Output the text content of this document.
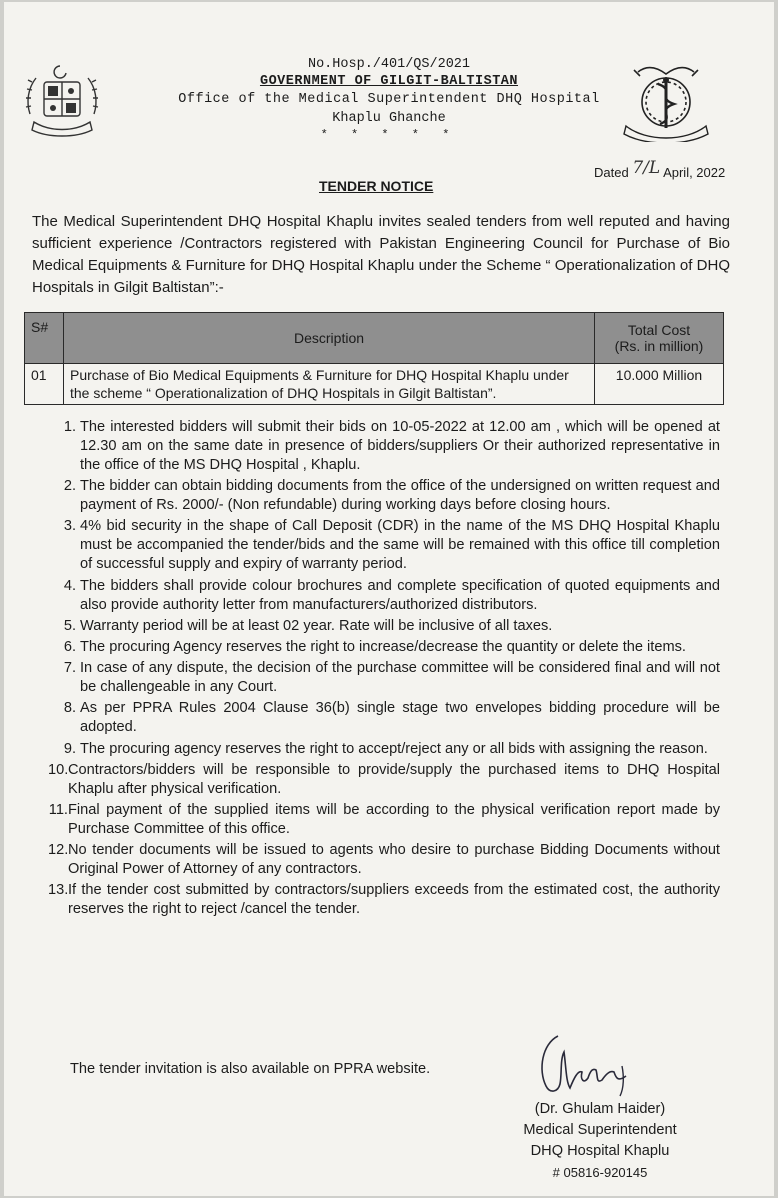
No.Hosp./401/QS/2021
GOVERNMENT OF GILGIT-BALTISTAN
Office of the Medical Superintendent DHQ Hospital
Khaplu Ghanche
* * * * *
Dated 7/L April, 2022
TENDER NOTICE
The Medical Superintendent DHQ Hospital Khaplu invites sealed tenders from well reputed and having sufficient experience /Contractors registered with Pakistan Engineering Council for Purchase of Bio Medical Equipments & Furniture for DHQ Hospital Khaplu under the Scheme “ Operationalization of DHQ Hospitals in Gilgit Baltistan”:-
S#	Description	Total Cost
(Rs. in million)

01	Purchase of Bio Medical Equipments & Furniture for DHQ Hospital Khaplu under the scheme “ Operationalization of DHQ Hospitals in Gilgit Baltistan”.	10.000 Million
1. The interested bidders will submit their bids on 10-05-2022 at 12.00 am , which will be opened at 12.30 am on the same date in presence of bidders/suppliers Or their authorized representative in the office of the MS DHQ Hospital , Khaplu.
2. The bidder can obtain bidding documents from the office of the undersigned on written request and payment of Rs. 2000/- (Non refundable) during working days before closing hours.
3. 4% bid security in the shape of Call Deposit (CDR) in the name of the MS DHQ Hospital Khaplu must be accompanied the tender/bids and the same will be remained with this office till completion of successful supply and expiry of warranty period.
4. The bidders shall provide colour brochures and complete specification of quoted equipments and also provide authority letter from manufacturers/authorized distributors.
5. Warranty period will be at least 02 year. Rate will be inclusive of all taxes.
6. The procuring Agency reserves the right to increase/decrease the quantity or delete the items.
7. In case of any dispute, the decision of the purchase committee will be considered final and will not be challengeable in any Court.
8. As per PPRA Rules 2004 Clause 36(b) single stage two envelopes bidding procedure will be adopted.
9. The procuring agency reserves the right to accept/reject any or all bids with assigning the reason.
10. Contractors/bidders will be responsible to provide/supply the purchased items to DHQ Hospital Khaplu after physical verification.
11. Final payment of the supplied items will be according to the physical verification report made by Purchase Committee of this office.
12. No tender documents will be issued to agents who desire to purchase Bidding Documents without Original Power of Attorney of any contractors.
13. If the tender cost submitted by contractors/suppliers exceeds from the estimated cost, the authority reserves the right to reject /cancel the tender.
The tender invitation is also available on PPRA website.
(Dr. Ghulam Haider)
Medical Superintendent
DHQ Hospital Khaplu
# 05816-920145
